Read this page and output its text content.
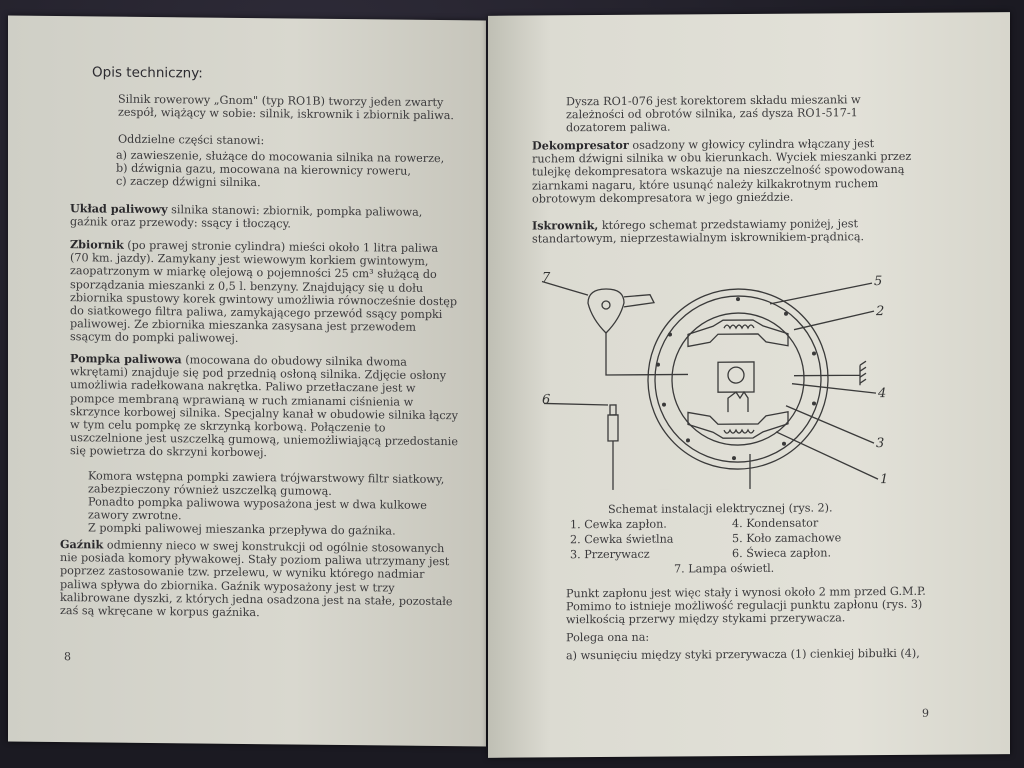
Opis techniczny:
Silnik rowerowy „Gnom" (typ RO1B) tworzy jeden zwarty zespół, wiążący w sobie: silnik, iskrownik i zbiornik paliwa.
Oddzielne części stanowi:
a) zawieszenie, służące do mocowania silnika na rowerze,
b) dźwignia gazu, mocowana na kierownicy roweru,
c) zaczep dźwigni silnika.
Układ paliwowy silnika stanowi: zbiornik, pompka paliwowa, gaźnik oraz przewody: ssący i tłoczący.
Zbiornik (po prawej stronie cylindra) mieści około 1 litra paliwa (70 km. jazdy). Zamykany jest wiewowym korkiem gwintowym, zaopatrzonym w miarkę olejową o pojemności 25 cm³ służącą do sporządzania mieszanki z 0,5 l. benzyny. Znajdujący się u dołu zbiornika spustowy korek gwintowy umożliwia równocześnie dostęp do siatkowego filtra paliwa, zamykającego przewód ssący pompki paliwowej. Ze zbiornika mieszanka zasysana jest przewodem ssącym do pompki paliwowej.
Pompka paliwowa (mocowana do obudowy silnika dwoma wkrętami) znajduje się pod przednią osłoną silnika. Zdjęcie osłony umożliwia radełkowana nakrętka. Paliwo przetłaczane jest w pompce membraną wprawianą w ruch zmianami ciśnienia w skrzynce korbowej silnika. Specjalny kanał w obudowie silnika łączy w tym celu pompkę ze skrzynką korbową. Połączenie to uszczelnione jest uszczelką gumową, uniemożliwiającą przedostanie się powietrza do skrzyni korbowej.
Komora wstępna pompki zawiera trójwarstwowy filtr siatkowy, zabezpieczony również uszczelką gumową.
Ponadto pompka paliwowa wyposażona jest w dwa kulkowe zawory zwrotne.
Z pompki paliwowej mieszanka przepływa do gaźnika.
Gaźnik odmienny nieco w swej konstrukcji od ogólnie stosowanych nie posiada komory pływakowej. Stały poziom paliwa utrzymany jest poprzez zastosowanie tzw. przelewu, w wyniku którego nadmiar paliwa spływa do zbiornika. Gaźnik wyposażony jest w trzy kalibrowane dyszki, z których jedna osadzona jest na stałe, pozostałe zaś są wkręcane w korpus gaźnika.
8
Dysza RO1-076 jest korektorem składu mieszanki w zależności od obrotów silnika, zaś dysza RO1-517-1 dozatorem paliwa.
Dekompresator osadzony w głowicy cylindra włączany jest ruchem dźwigni silnika w obu kierunkach. Wyciek mieszanki przez tulejkę dekompresatora wskazuje na nieszczelność spowodowaną ziarnkami nagaru, które usunąć należy kilkakrotnym ruchem obrotowym dekompresatora w jego gnieździe.
Iskrownik, którego schemat przedstawiamy poniżej, jest standartowym, nieprzestawialnym iskrownikiem-prądnicą.
7	5
2
4
6
3
1
Schemat instalacji elektrycznej (rys. 2).
1. Cewka zapłon.	4. Kondensator
2. Cewka świetlna	5. Koło zamachowe
3. Przerywacz	6. Świeca zapłon.
7. Lampa oświetl.
Punkt zapłonu jest więc stały i wynosi około 2 mm przed G.M.P. Pomimo to istnieje możliwość regulacji punktu zapłonu (rys. 3) wielkością przerwy między stykami przerywacza.
Polega ona na:
a) wsunięciu między styki przerywacza (1) cienkiej bibułki (4),
9
